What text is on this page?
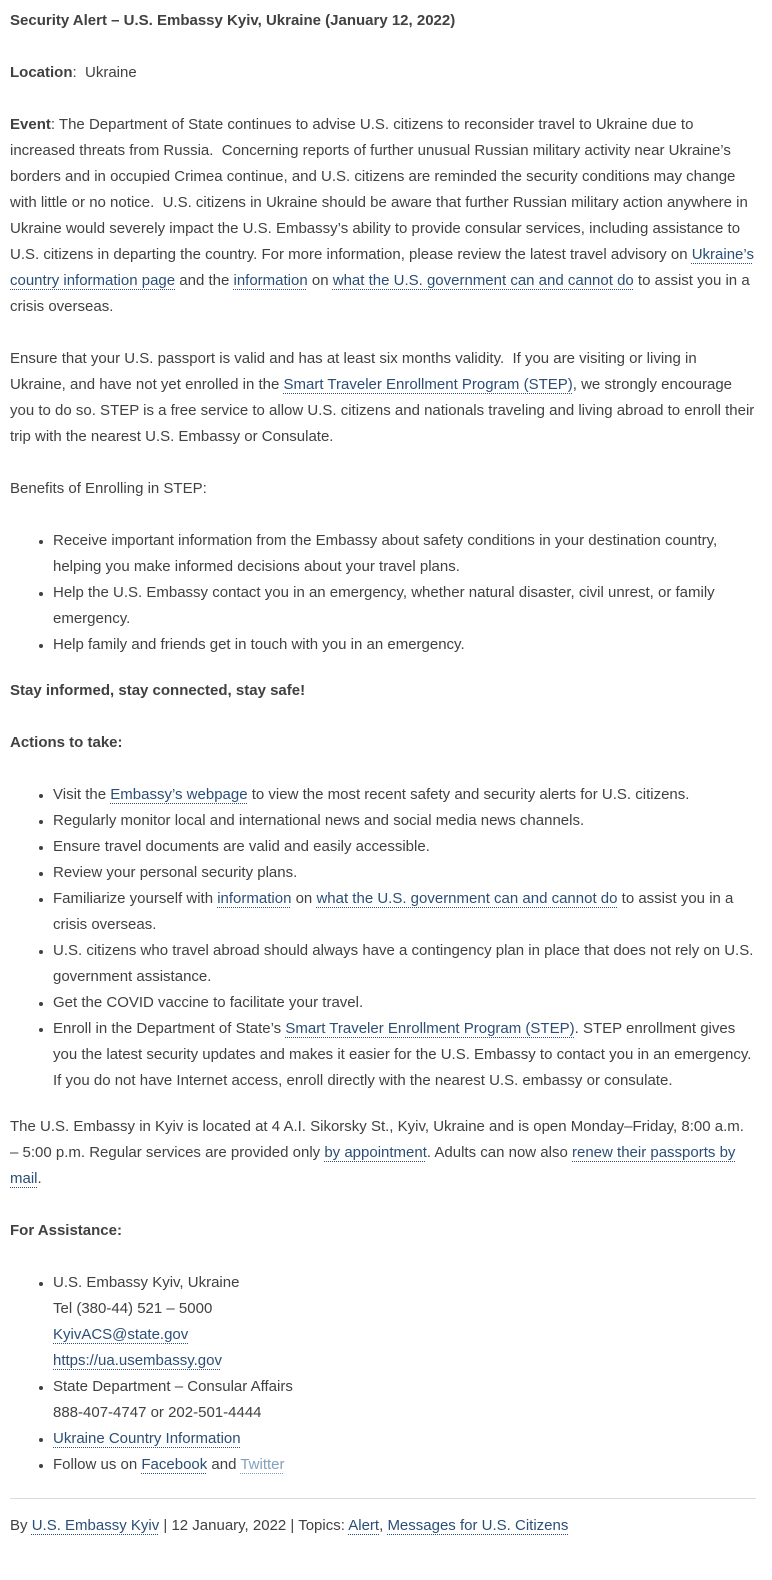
Security Alert – U.S. Embassy Kyiv, Ukraine (January 12, 2022)

Location:  Ukraine

Event: The Department of State continues to advise U.S. citizens to reconsider travel to Ukraine due to increased threats from Russia.  Concerning reports of further unusual Russian military activity near Ukraine’s borders and in occupied Crimea continue, and U.S. citizens are reminded the security conditions may change with little or no notice.  U.S. citizens in Ukraine should be aware that further Russian military action anywhere in Ukraine would severely impact the U.S. Embassy’s ability to provide consular services, including assistance to U.S. citizens in departing the country. For more information, please review the latest travel advisory on Ukraine’s country information page and the information on what the U.S. government can and cannot do to assist you in a crisis overseas.

Ensure that your U.S. passport is valid and has at least six months validity.  If you are visiting or living in Ukraine, and have not yet enrolled in the Smart Traveler Enrollment Program (STEP), we strongly encourage you to do so. STEP is a free service to allow U.S. citizens and nationals traveling and living abroad to enroll their trip with the nearest U.S. Embassy or Consulate.

Benefits of Enrolling in STEP:

• Receive important information from the Embassy about safety conditions in your destination country, helping you make informed decisions about your travel plans.
• Help the U.S. Embassy contact you in an emergency, whether natural disaster, civil unrest, or family emergency.
• Help family and friends get in touch with you in an emergency.

Stay informed, stay connected, stay safe!

Actions to take:

• Visit the Embassy’s webpage to view the most recent safety and security alerts for U.S. citizens.
• Regularly monitor local and international news and social media news channels.
• Ensure travel documents are valid and easily accessible.
• Review your personal security plans.
• Familiarize yourself with information on what the U.S. government can and cannot do to assist you in a crisis overseas.
• U.S. citizens who travel abroad should always have a contingency plan in place that does not rely on U.S. government assistance.
• Get the COVID vaccine to facilitate your travel.
• Enroll in the Department of State’s Smart Traveler Enrollment Program (STEP). STEP enrollment gives you the latest security updates and makes it easier for the U.S. Embassy to contact you in an emergency. If you do not have Internet access, enroll directly with the nearest U.S. embassy or consulate.

The U.S. Embassy in Kyiv is located at 4 A.I. Sikorsky St., Kyiv, Ukraine and is open Monday–Friday, 8:00 a.m. – 5:00 p.m. Regular services are provided only by appointment. Adults can now also renew their passports by mail.

For Assistance:

• U.S. Embassy Kyiv, Ukraine
Tel (380-44) 521 – 5000
KyivACS@state.gov
https://ua.usembassy.gov
• State Department – Consular Affairs
888-407-4747 or 202-501-4444
• Ukraine Country Information
• Follow us on Facebook and Twitter
By U.S. Embassy Kyiv | 12 January, 2022 | Topics: Alert, Messages for U.S. Citizens
